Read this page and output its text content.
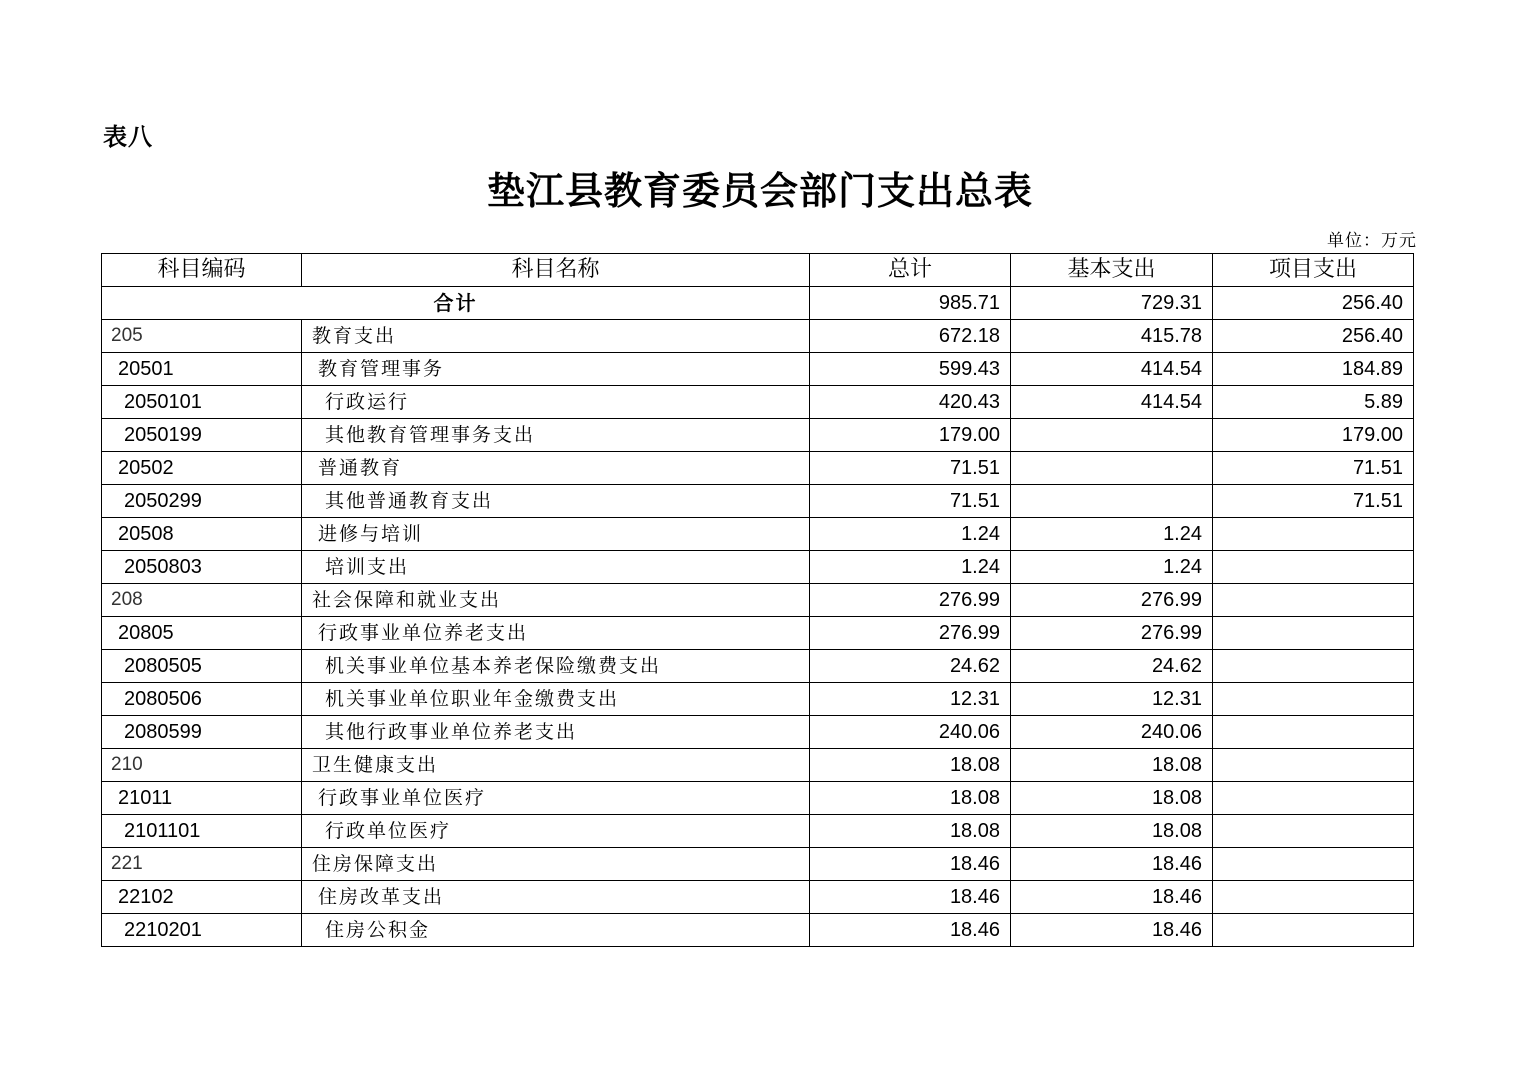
表八
垫江县教育委员会部门支出总表
单位：万元
科目编码	科目名称	总计	基本支出	项目支出
合计		985.71	729.31	256.40
205	教育支出	672.18	415.78	256.40
20501	教育管理事务	599.43	414.54	184.89
2050101	行政运行	420.43	414.54	5.89
2050199	其他教育管理事务支出	179.00		179.00
20502	普通教育	71.51		71.51
2050299	其他普通教育支出	71.51		71.51
20508	进修与培训	1.24	1.24	
2050803	培训支出	1.24	1.24	
208	社会保障和就业支出	276.99	276.99	
20805	行政事业单位养老支出	276.99	276.99	
2080505	机关事业单位基本养老保险缴费支出	24.62	24.62	
2080506	机关事业单位职业年金缴费支出	12.31	12.31	
2080599	其他行政事业单位养老支出	240.06	240.06	
210	卫生健康支出	18.08	18.08	
21011	行政事业单位医疗	18.08	18.08	
2101101	行政单位医疗	18.08	18.08	
221	住房保障支出	18.46	18.46	
22102	住房改革支出	18.46	18.46	
2210201	住房公积金	18.46	18.46	
